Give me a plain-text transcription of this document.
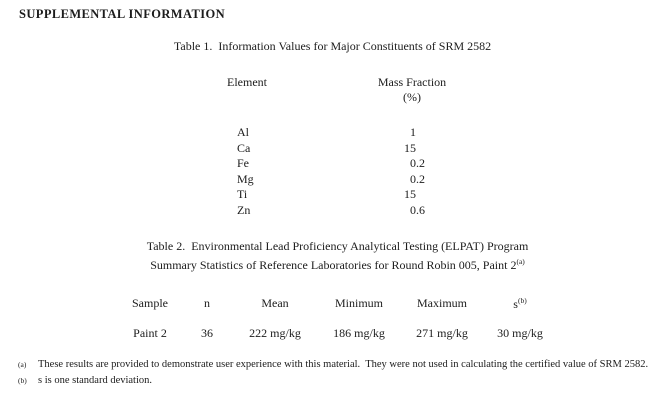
SUPPLEMENTAL INFORMATION
Table 1.  Information Values for Major Constituents of SRM 2582
Element	Mass Fraction
(%)
Al	1
Ca	15
Fe	0.2
Mg	0.2
Ti	15
Zn	0.6
Table 2.  Environmental Lead Proficiency Analytical Testing (ELPAT) Program
Summary Statistics of Reference Laboratories for Round Robin 005, Paint 2$^{(a)}$
Sample	n	Mean	Minimum	Maximum	$s^{(b)}$
Paint 2	36	222 mg/kg	186 mg/kg	271 mg/kg	30 mg/kg
(a)	These results are provided to demonstrate user experience with this material.  They were not used in calculating the certified value of SRM 2582.
(b)	s is one standard deviation.
